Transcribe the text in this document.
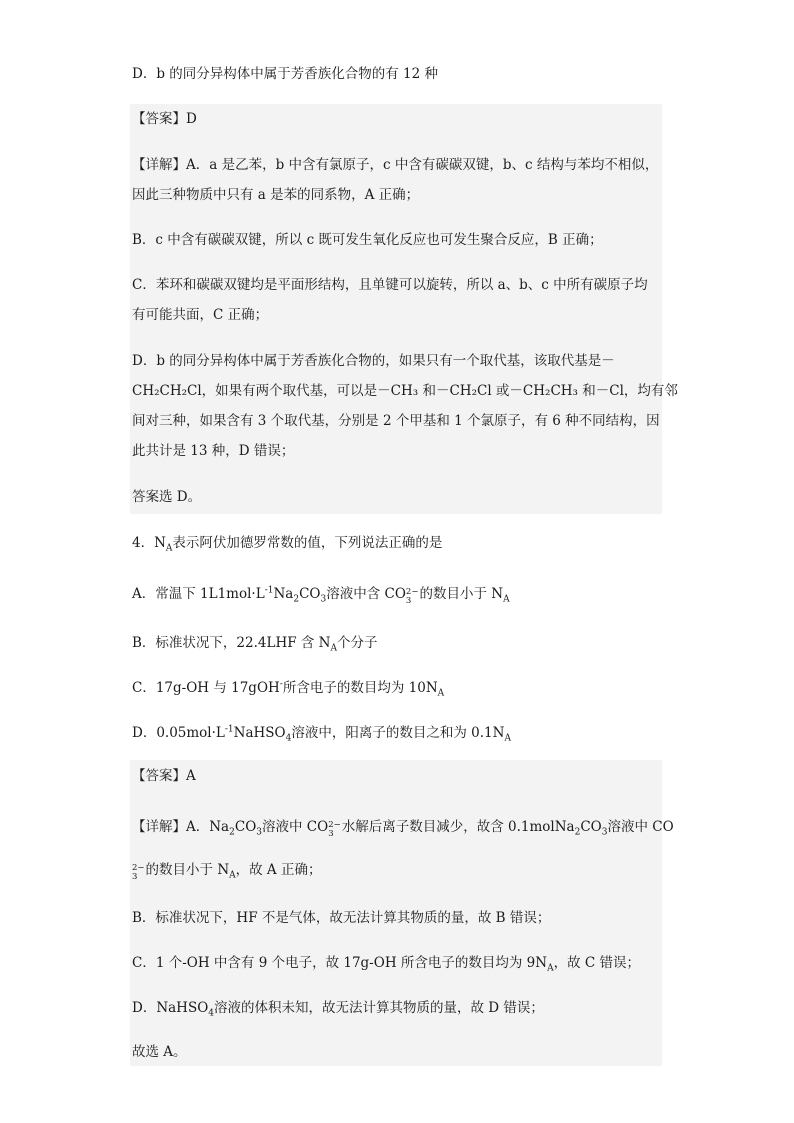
D．b 的同分异构体中属于芳香族化合物的有 12 种
【答案】D
【详解】A．a 是乙苯，b 中含有氯原子，c 中含有碳碳双键，b、c 结构与苯均不相似，
因此三种物质中只有 a 是苯的同系物，A 正确；
B．c 中含有碳碳双键，所以 c 既可发生氧化反应也可发生聚合反应，B 正确；
C．苯环和碳碳双键均是平面形结构，且单键可以旋转，所以 a、b、c 中所有碳原子均
有可能共面，C 正确；
D．b 的同分异构体中属于芳香族化合物的，如果只有一个取代基，该取代基是－
CH₂CH₂Cl，如果有两个取代基，可以是－CH₃ 和－CH₂Cl 或－CH₂CH₃ 和－Cl，均有邻
间对三种，如果含有 3 个取代基，分别是 2 个甲基和 1 个氯原子，有 6 种不同结构，因
此共计是 13 种，D 错误；
答案选 D。
4．$N_A$表示阿伏加德罗常数的值，下列说法正确的是
A．常温下 $1L1mol\cdot L^{-1}Na_2CO_3$溶液中含 CO 2−
3 的数目小于 $N_A$
B．标准状况下，22.4LHF 含 $N_A$个分子
C．17g-OH 与 17gOH-所含电子的数目均为 $10N_A$
D．$0.05mol\cdot L^{-1}NaHSO_4$溶液中，阳离子的数目之和为 $0.1N_A$
【答案】A
【详解】A．$Na_2CO_3$溶液中 CO 2−
3 水解后离子数目减少，故含 $0.1molNa_2CO_3$溶液中 CO
2−
3 的数目小于 $N_A$，故 A 正确；
B．标准状况下，HF 不是气体，故无法计算其物质的量，故 B 错误；
C．1 个-OH 中含有 9 个电子，故 17g-OH 所含电子的数目均为 $9N_A$，故 C 错误；
D．NaHSO$_4$溶液的体积未知，故无法计算其物质的量，故 D 错误；
故选 A。
